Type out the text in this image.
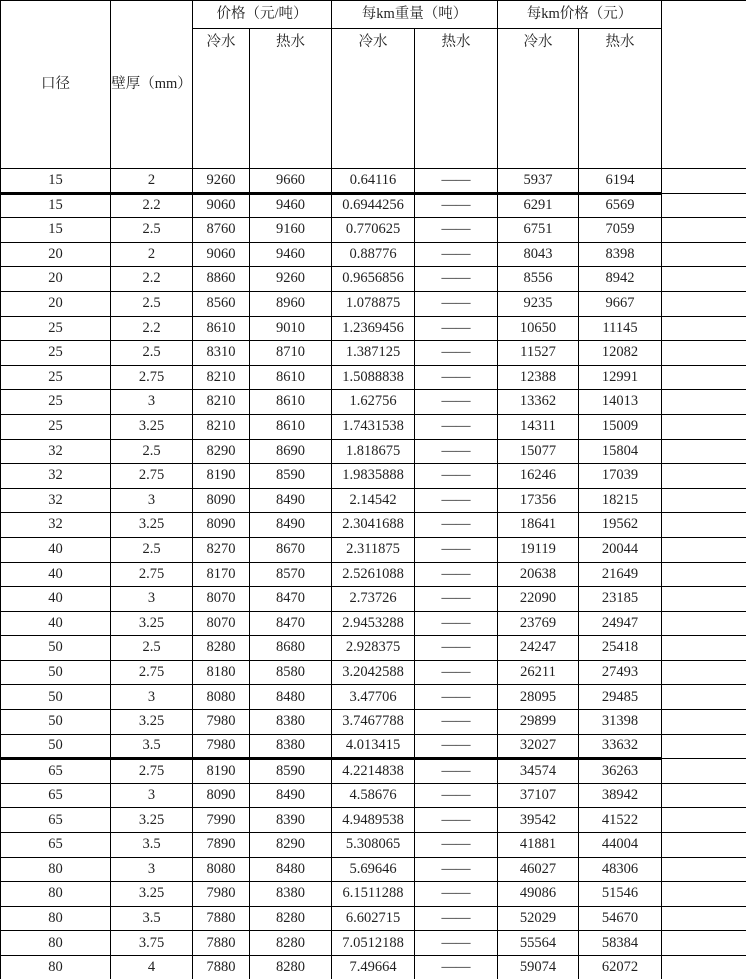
口径	壁厚（mm）	价格（元/吨）		每km重量（吨）		每km价格（元）		
		冷水	热水	冷水	热水	冷水	热水	
15	2	9260	9660	0.64116	——	5937	6194	
15	2.2	9060	9460	0.6944256	——	6291	6569	
15	2.5	8760	9160	0.770625	——	6751	7059	
20	2	9060	9460	0.88776	——	8043	8398	
20	2.2	8860	9260	0.9656856	——	8556	8942	
20	2.5	8560	8960	1.078875	——	9235	9667	
25	2.2	8610	9010	1.2369456	——	10650	11145	
25	2.5	8310	8710	1.387125	——	11527	12082	
25	2.75	8210	8610	1.5088838	——	12388	12991	
25	3	8210	8610	1.62756	——	13362	14013	
25	3.25	8210	8610	1.7431538	——	14311	15009	
32	2.5	8290	8690	1.818675	——	15077	15804	
32	2.75	8190	8590	1.9835888	——	16246	17039	
32	3	8090	8490	2.14542	——	17356	18215	
32	3.25	8090	8490	2.3041688	——	18641	19562	
40	2.5	8270	8670	2.311875	——	19119	20044	
40	2.75	8170	8570	2.5261088	——	20638	21649	
40	3	8070	8470	2.73726	——	22090	23185	
40	3.25	8070	8470	2.9453288	——	23769	24947	
50	2.5	8280	8680	2.928375	——	24247	25418	
50	2.75	8180	8580	3.2042588	——	26211	27493	
50	3	8080	8480	3.47706	——	28095	29485	
50	3.25	7980	8380	3.7467788	——	29899	31398	
50	3.5	7980	8380	4.013415	——	32027	33632	
65	2.75	8190	8590	4.2214838	——	34574	36263	
65	3	8090	8490	4.58676	——	37107	38942	
65	3.25	7990	8390	4.9489538	——	39542	41522	
65	3.5	7890	8290	5.308065	——	41881	44004	
80	3	8080	8480	5.69646	——	46027	48306	
80	3.25	7980	8380	6.1511288	——	49086	51546	
80	3.5	7880	8280	6.602715	——	52029	54670	
80	3.75	7880	8280	7.0512188	——	55564	58384	
80	4	7880	8280	7.49664	——	59074	62072	
